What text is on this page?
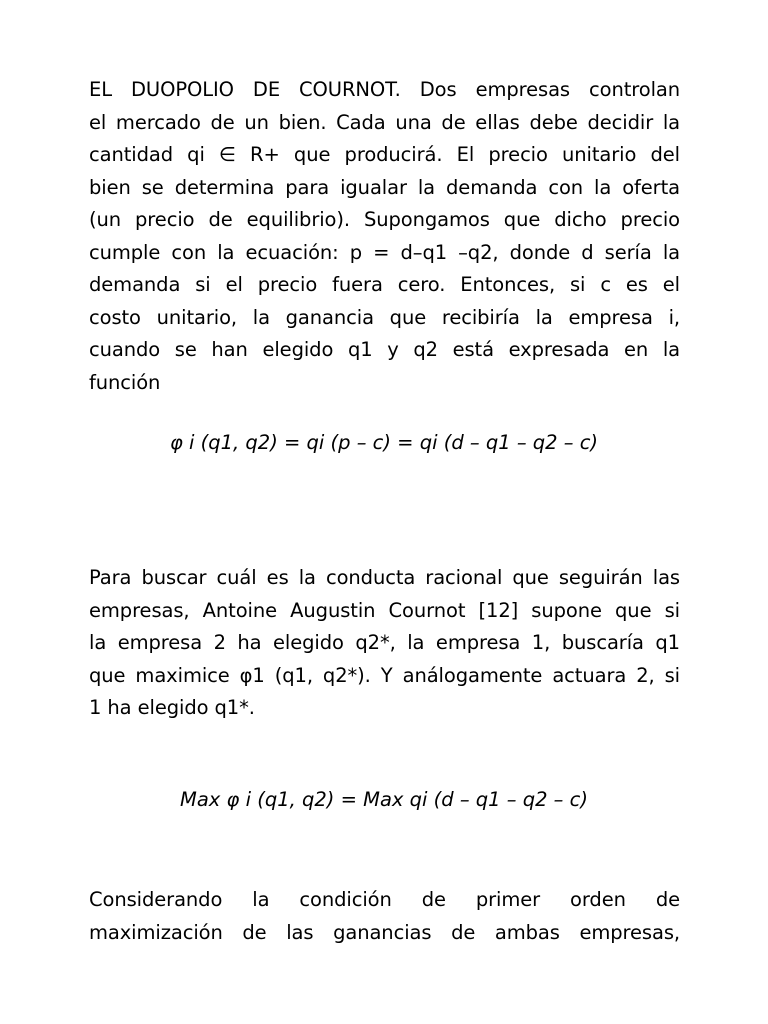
EL DUOPOLIO DE COURNOT. Dos empresas controlan
el mercado de un bien. Cada una de ellas debe decidir la
cantidad qi ∈ R+ que producirá. El precio unitario del
bien se determina para igualar la demanda con la oferta
(un precio de equilibrio). Supongamos que dicho precio
cumple con la ecuación: p = d–q1 –q2, donde d sería la
demanda si el precio fuera cero. Entonces, si c es el
costo unitario, la ganancia que recibiría la empresa i,
cuando se han elegido q1 y q2 está expresada en la
función
φ i (q1, q2) = qi (p – c) = qi (d – q1 – q2 – c)
Para buscar cuál es la conducta racional que seguirán las
empresas, Antoine Augustin Cournot [12] supone que si
la empresa 2 ha elegido q2*, la empresa 1, buscaría q1
que maximice φ1 (q1, q2*). Y análogamente actuara 2, si
1 ha elegido q1*.
Max φ i (q1, q2) = Max qi (d – q1 – q2 – c)
Considerando la condición de primer orden de
maximización de las ganancias de ambas empresas,
